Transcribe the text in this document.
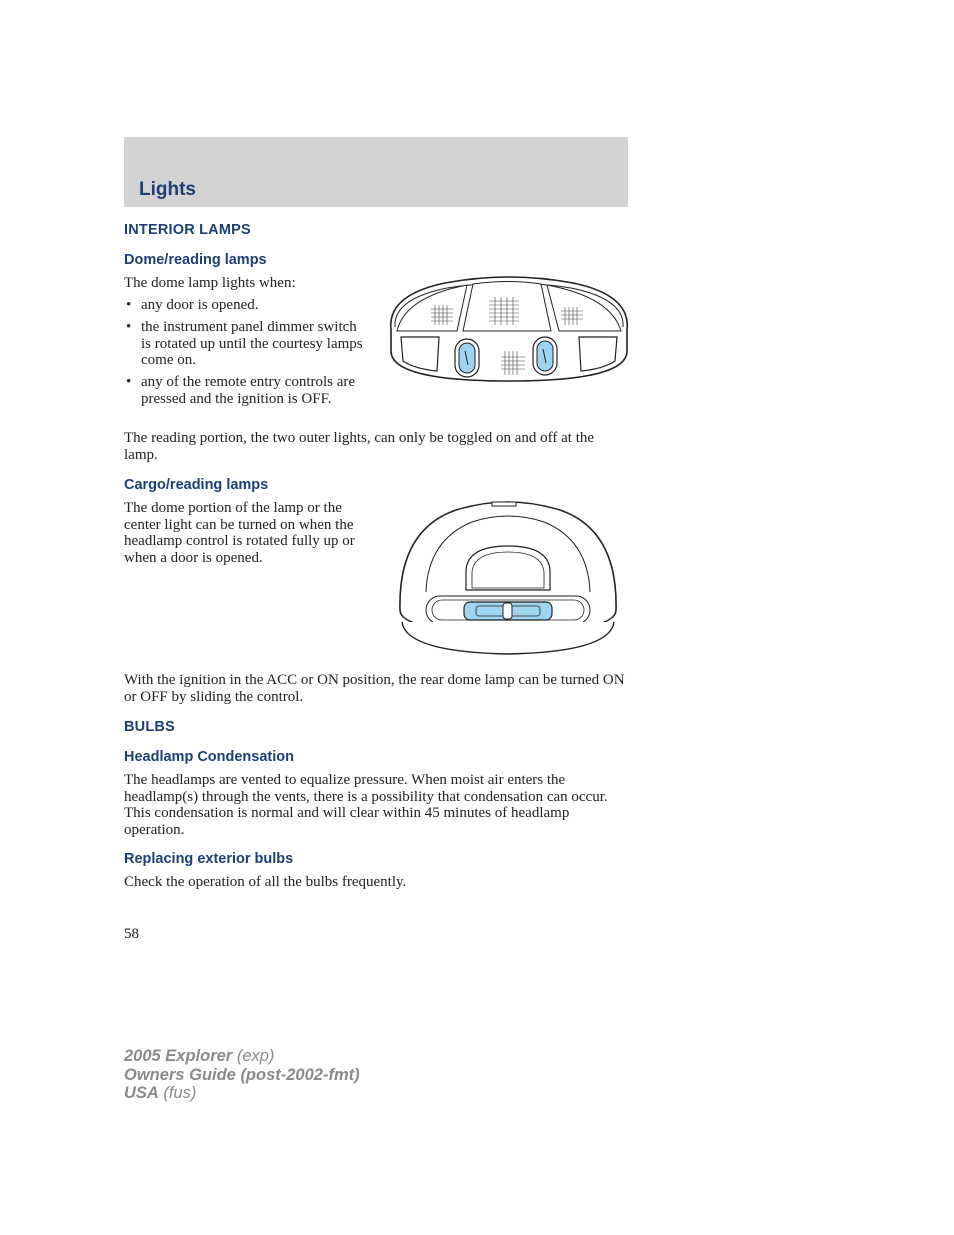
Lights
INTERIOR LAMPS
Dome/reading lamps
The dome lamp lights when:
• any door is opened.
• the instrument panel dimmer switch is rotated up until the courtesy lamps come on.
• any of the remote entry controls are pressed and the ignition is OFF.
The reading portion, the two outer lights, can only be toggled on and off at the lamp.
Cargo/reading lamps
The dome portion of the lamp or the center light can be turned on when the headlamp control is rotated fully up or when a door is opened.
With the ignition in the ACC or ON position, the rear dome lamp can be turned ON or OFF by sliding the control.
BULBS
Headlamp Condensation
The headlamps are vented to equalize pressure. When moist air enters the headlamp(s) through the vents, there is a possibility that condensation can occur. This condensation is normal and will clear within 45 minutes of headlamp operation.
Replacing exterior bulbs
Check the operation of all the bulbs frequently.
58
2005 Explorer (exp)
Owners Guide (post-2002-fmt)
USA (fus)
